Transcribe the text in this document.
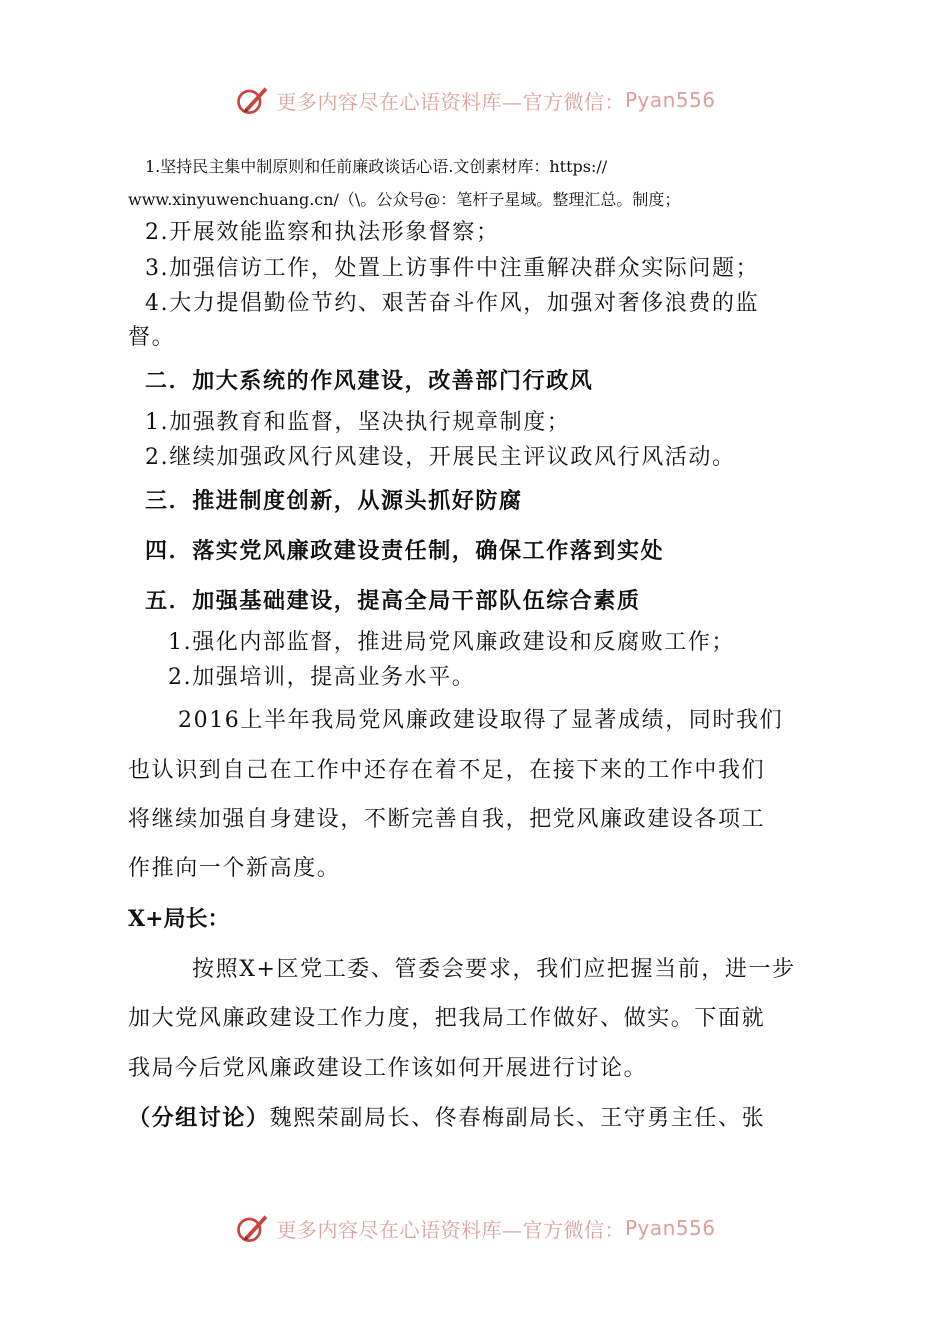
更多内容尽在心语资料库—官方微信： Pyan556

1.坚持民主集中制原则和任前廉政谈话心语.文创素材库：https://

www.xinyuwenchuang.cn/（\。公众号@：笔杆子星域。整理汇总。制度；

2.开展效能监察和执法形象督察；

3.加强信访工作，处置上访事件中注重解决群众实际问题；

4.大力提倡勤俭节约、艰苦奋斗作风，加强对奢侈浪费的监

督。

二．加大系统的作风建设，改善部门行政风

1.加强教育和监督，坚决执行规章制度；

2.继续加强政风行风建设，开展民主评议政风行风活动。

三．推进制度创新，从源头抓好防腐

四．落实党风廉政建设责任制，确保工作落到实处

五．加强基础建设，提高全局干部队伍综合素质

1.强化内部监督，推进局党风廉政建设和反腐败工作；

2.加强培训，提高业务水平。

2016上半年我局党风廉政建设取得了显著成绩，同时我们

也认识到自己在工作中还存在着不足，在接下来的工作中我们

将继续加强自身建设，不断完善自我，把党风廉政建设各项工

作推向一个新高度。

X+局长：

按照X+区党工委、管委会要求，我们应把握当前，进一步

加大党风廉政建设工作力度，把我局工作做好、做实。下面就

我局今后党风廉政建设工作该如何开展进行讨论。

（分组讨论）魏熙荣副局长、佟春梅副局长、王守勇主任、张

更多内容尽在心语资料库—官方微信： Pyan556
